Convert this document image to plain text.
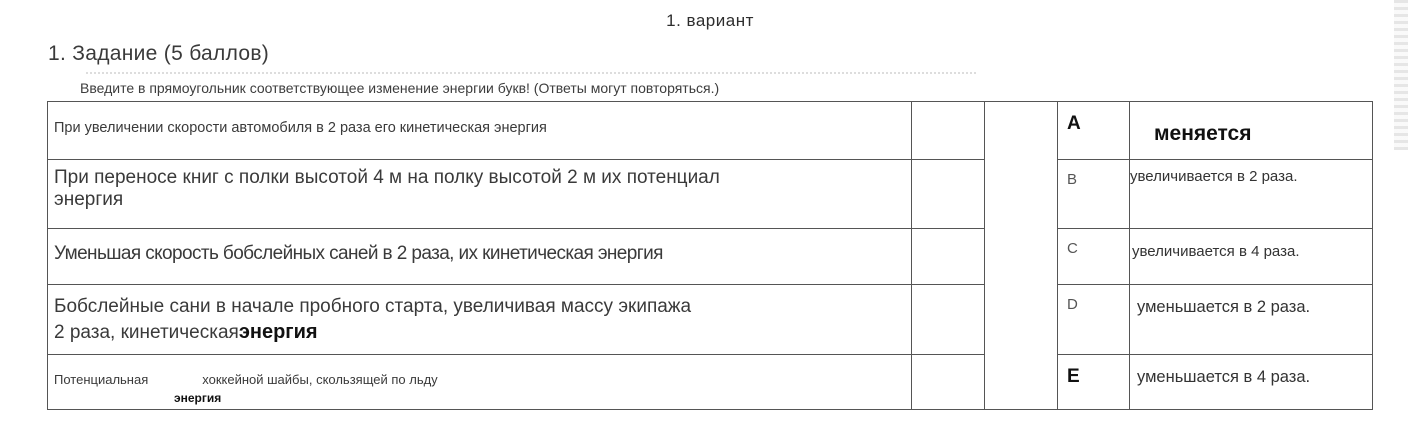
1. вариант
1. Задание (5 баллов)
Введите в прямоугольник соответствующее изменение энергии букв! (Ответы могут повторяться.)
При увеличении скорости автомобиля в 2 раза его кинетическая энергия			A	меняется

При переносе книг с полки высотой 4 м на полку высотой 2 м их потенциал
энергия			B	увеличивается в 2 раза.
Уменьшая скорость бобслейных саней в 2 раза, их кинетическая энергия			C	увеличивается в 4 раза.

Бобслейные сани в начале пробного старта, увеличивая массу экипажа
2 раза, кинетическаяэнергия			D	уменьшается в 2 раза.
Потенциальная хоккейной шайбы, скользящей по льду
энергия			E	уменьшается в 4 раза.
